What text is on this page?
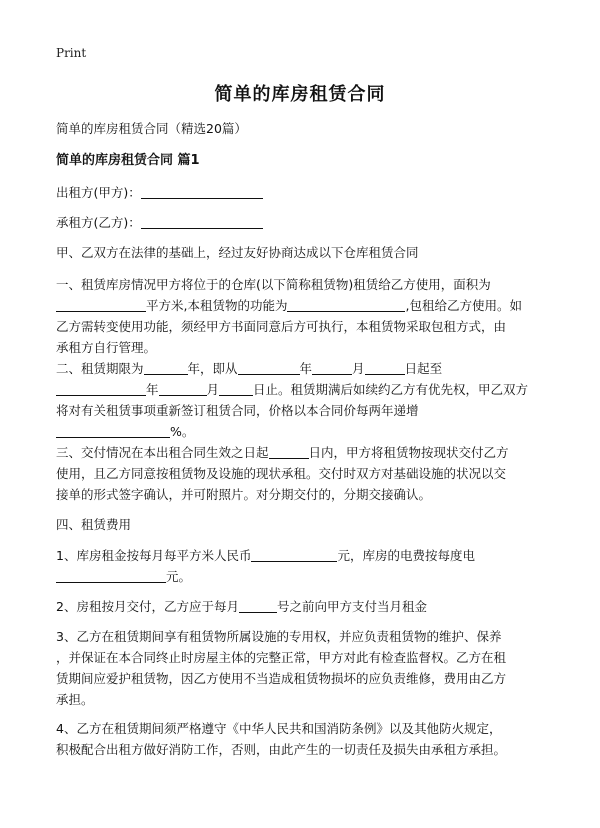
Print
简单的库房租赁合同
简单的库房租赁合同（精选20篇）
简单的库房租赁合同 篇1
出租方(甲方)：
承租方(乙方)：
甲、乙双方在法律的基础上，经过友好协商达成以下仓库租赁合同
一、租赁库房情况甲方将位于的仓库(以下简称租赁物)租赁给乙方使用，面积为
平方米,本租赁物的功能为	,包租给乙方使用。如
乙方需转变使用功能，须经甲方书面同意后方可执行，本租赁物采取包租方式，由
承租方自行管理。
二、租赁期限为	年，即从	年	月	日起至
年	月	日止。租赁期满后如续约乙方有优先权，甲乙双方
将对有关租赁事项重新签订租赁合同，价格以本合同价每两年递增
%。
三、交付情况在本出租合同生效之日起	日内，甲方将租赁物按现状交付乙方
使用，且乙方同意按租赁物及设施的现状承租。交付时双方对基础设施的状况以交
接单的形式签字确认，并可附照片。对分期交付的，分期交接确认。
四、租赁费用
1、库房租金按每月每平方米人民币	元，库房的电费按每度电
元。
2、房租按月交付，乙方应于每月	号之前向甲方支付当月租金
3、乙方在租赁期间享有租赁物所属设施的专用权，并应负责租赁物的维护、保养
，并保证在本合同终止时房屋主体的完整正常，甲方对此有检查监督权。乙方在租
赁期间应爱护租赁物，因乙方使用不当造成租赁物损坏的应负责维修，费用由乙方
承担。
4、乙方在租赁期间须严格遵守《中华人民共和国消防条例》以及其他防火规定，
积极配合出租方做好消防工作，否则，由此产生的一切责任及损失由承租方承担。
